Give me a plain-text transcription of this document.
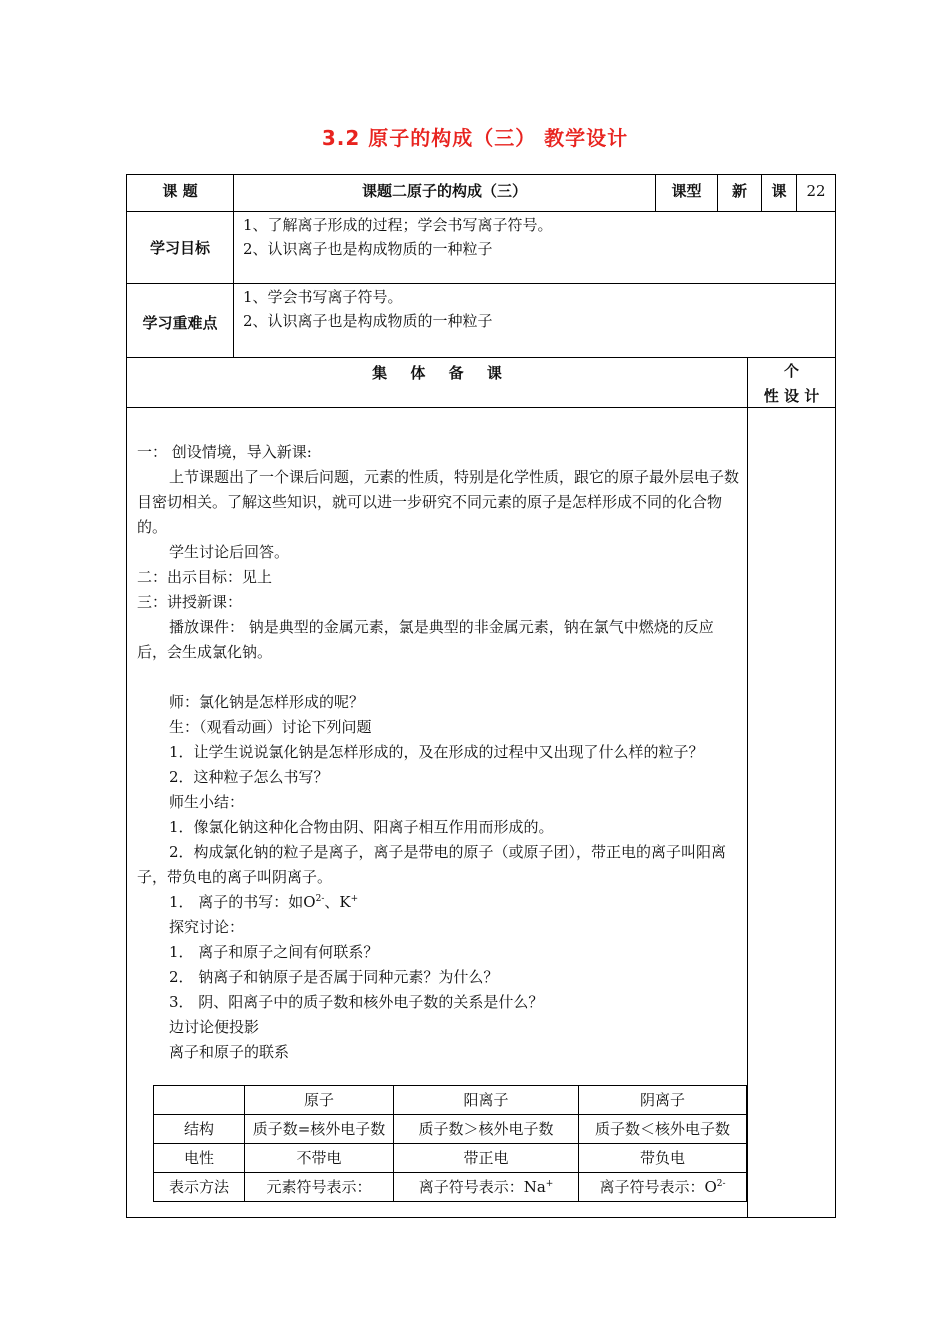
3.2 原子的构成（三） 教学设计
课 题	课题二原子的构成（三）	课型	新	课	22
学习目标
1、了解离子形成的过程；学会书写离子符号。
2、认识离子也是构成物质的一种粒子
学习重难点
1、学会书写离子符号。
2、认识离子也是构成物质的一种粒子
集 体 备 课	个
性 设 计

一： 创设情境，导入新课:

上节课题出了一个课后问题，元素的性质，特别是化学性质，跟它的原子最外层电子数目密切相关。了解这些知识，就可以进一步研究不同元素的原子是怎样形成不同的化合物的。

学生讨论后回答。

二：出示目标：见上

三：讲授新课：

播放课件： 钠是典型的金属元素，氯是典型的非金属元素，钠在氯气中燃烧的反应后，会生成氯化钠。

师：氯化钠是怎样形成的呢？

生：（观看动画）讨论下列问题

1．让学生说说氯化钠是怎样形成的，及在形成的过程中又出现了什么样的粒子？

2．这种粒子怎么书写？

师生小结：

1．像氯化钠这种化合物由阴、阳离子相互作用而形成的。

2．构成氯化钠的粒子是离子，离子是带电的原子（或原子团），带正电的离子叫阳离子，带负电的离子叫阴离子。

1． 离子的书写：如$O^{2-}$、K+

探究讨论：

1． 离子和原子之间有何联系？

2． 钠离子和钠原子是否属于同种元素？为什么？

3． 阴、阳离子中的质子数和核外电子数的关系是什么？

边讨论便投影

离子和原子的联系

	原子	阳离子	阴离子
结构	质子数=核外电子数	质子数＞核外电子数	质子数＜核外电子数
电性	不带电	带正电	带负电
表示方法	元素符号表示：	离子符号表示：Na+	离子符号表示：$O^{2-}$
